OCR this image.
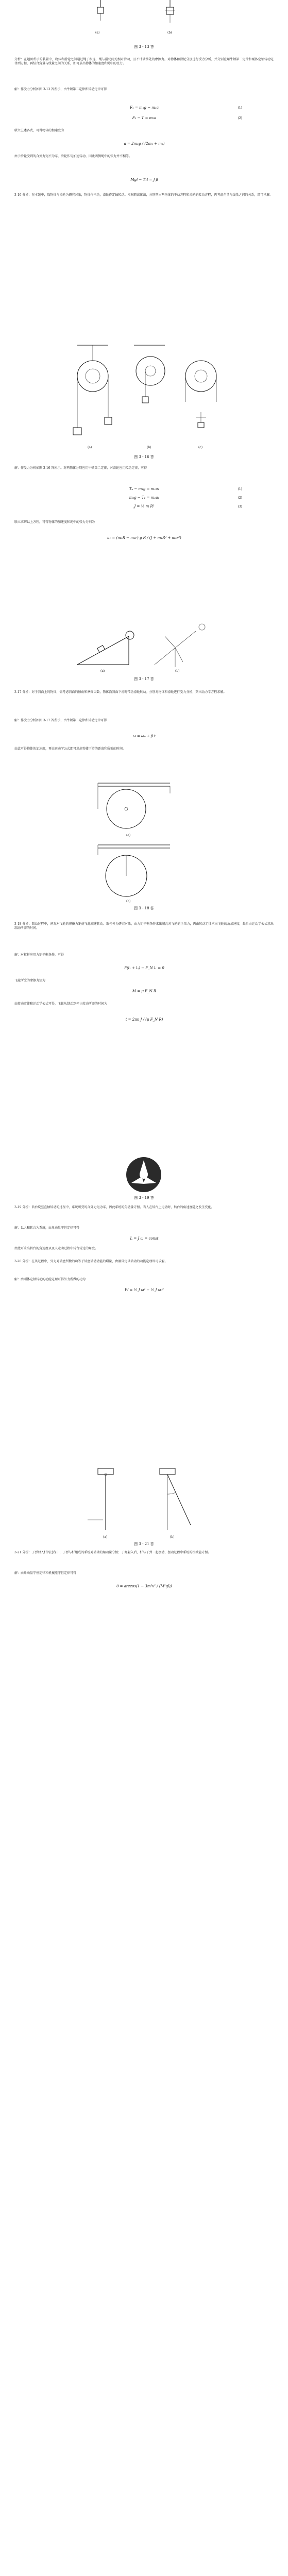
(a)	(b)
图 3 - 13 答
分析：在题图所示的装置中，物体和滑轮之间通过绳子相连，绳与滑轮间无相对滑动，且不计轴承处的摩擦力。对物体和滑轮分别进行受力分析，并分别应用牛顿第二定律和刚体定轴转动定律列方程，再结合角量与线量之间的关系，即可求出物体的加速度和绳中的张力。
解：作受力分析如图 3-13 答所示，由牛顿第二定律和转动定律可得
F₁ = m₁g − m₁a	(1)
F₂ − T = m₂a	(2)
联立上述各式，可得物体的加速度为
a = 2m₂g / (2m₁ + m₂)
由于滑轮受到的合外力矩不为零，滑轮作匀加速转动，因此两侧绳中的张力并不相等。
Mgl − T₁l = J β
3-16 分析：在本题中，取物体与滑轮为研究对象，物体作平动，滑轮作定轴转动。根据隔离体法，分别列出两物体的平动方程和滑轮的转动方程，再考虑角量与线量之间的关系，即可求解。
(a)	(b)	(c)
图 3 - 16 答
解：作受力分析如图 3-16 答所示。对两物体分别应用牛顿第二定律，对滑轮应用转动定律，可得
Tₐ − m₁g = m₁a₁	(1)
m₂g − T₂ = m₂a₂	(2)
J = ½ m R²	(3)
联立求解以上方程，可得物体的加速度和绳中的张力分别为
a₁ = (m₁R − m₂r) g R / (J + m₁R² + m₂r²)
(a)	(b)
图 3 - 17 答
3-17 分析：对于斜面上的物体，需考虑斜面的倾角和摩擦因数，物体沿斜面下滑时带动滑轮转动。分别对物体和滑轮进行受力分析，列出动力学方程求解。
解：作受力分析如图 3-17 答所示，由牛顿第二定律和转动定律可得
ω = ω₀ + β t
由此可得物体的加速度，再由运动学公式即可求出物体下滑的距离和所需的时间。
(a)
(b)
图 3 - 18 答
3-18 分析：制动过程中，闸瓦对飞轮的摩擦力矩使飞轮减速转动。取杠杆为研究对象，由力矩平衡条件求出闸瓦对飞轮的正压力，再由转动定律求出飞轮的角加速度，最后由运动学公式求出制动所需的时间。
解：对杠杆应用力矩平衡条件，可得
F(l₁ + l₂) − F_N l₁ = 0
飞轮所受的摩擦力矩为
M = μ F_N R
由转动定律和运动学公式可得，飞轮从制动到停止转动所需的时间为
t = 2πn J / (μ F_N R)
图 3 - 19 答
3-19 分析：转台绕竖直轴转动的过程中，系统所受的合外力矩为零，因此系统的角动量守恒。当人在转台上走动时，转台的角速度随之发生变化。
解：以人和转台为系统，由角动量守恒定律可得
L = J ω = const
由此可求出转台的角速度以及人走动过程中转台转过的角度。
3-20 分析：在该过程中，外力对转盘所做的功等于转盘转动动能的增量，由刚体定轴转动的动能定理即可求解。
解：由刚体定轴转动的动能定理可得外力所做的功为
W = ½ J ω² − ½ J ω₀²
(a)	(b)
图 3 - 21 答
3-21 分析：子弹射入杆的过程中，子弹与杆组成的系统对转轴的角动量守恒；子弹射入后，杆与子弹一起摆动，摆动过程中系统的机械能守恒。
解：由角动量守恒定律和机械能守恒定律可得
θ = arccos(1 − 3m²v² / (M²gl))
